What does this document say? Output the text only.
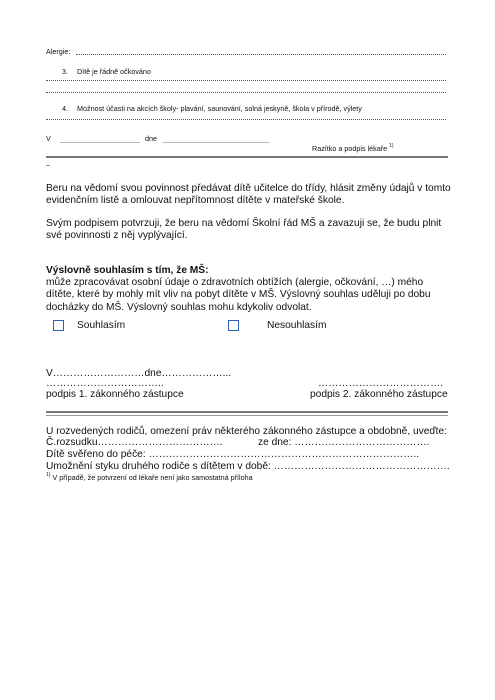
Alergie:
3. Dítě je řádně očkováno
4. Možnost účasti na akcích školy- plavání, saunování, solná jeskyně, škola v přírodě, výlety
V	dne
Razítko a podpis lékaře $^{1)}$
–

Beru na vědomí svou povinnost předávat dítě učitelce do třídy, hlásit změny údajů v tomto evidenčním listě a omlouvat nepřítomnost dítěte v mateřské škole.

Svým podpisem potvrzuji, že beru na vědomí Školní řád MŠ a zavazuji se, že budu plnit své povinnosti z něj vyplývající.

Výslovně souhlasím s tím, že MŠ:

může zpracovávat osobní údaje o zdravotních obtížích (alergie, očkování, …) mého dítěte, které by mohly mít vliv na pobyt dítěte v MŠ. Výslovný souhlas uděluji po dobu docházky do MŠ. Výslovný souhlas mohu kdykoliv odvolat.

Souhlasím	Nesouhlasím
V………………………dne………………...
……………………………..	……………………………….
podpis 1. zákonného zástupce	podpis 2. zákonného zástupce
U rozvedených rodičů, omezení práv některého zákonného zástupce a obdobně, uveďte:
Č.rozsudku……………………………….	ze dne: ………………………………….
Dítě svěřeno do péče: ……………………………………………………………………..
Umožnění styku druhého rodiče s dítětem v době: …………………………………………….
$^{1)}$ V případě, že potvrzení od lékaře není jako samostatná příloha
